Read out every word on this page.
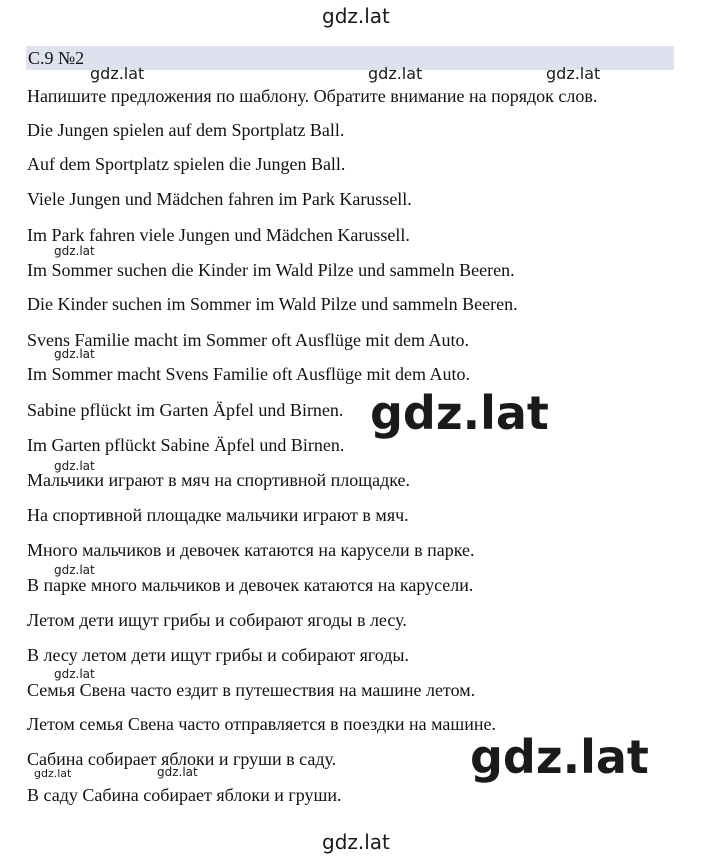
gdz.lat
С.9 №2
gdz.lat	gdz.lat	gdz.lat
Напишите предложения по шаблону. Обратите внимание на порядок слов.
Die Jungen spielen auf dem Sportplatz Ball.
Auf dem Sportplatz spielen die Jungen Ball.
Viele Jungen und Mädchen fahren im Park Karussell.
Im Park fahren viele Jungen und Mädchen Karussell.
Im Sommer suchen die Kinder im Wald Pilze und sammeln Beeren.
Die Kinder suchen im Sommer im Wald Pilze und sammeln Beeren.
Svens Familie macht im Sommer oft Ausflüge mit dem Auto.
Im Sommer macht Svens Familie oft Ausflüge mit dem Auto.
Sabine pflückt im Garten Äpfel und Birnen.
Im Garten pflückt Sabine Äpfel und Birnen.
Мальчики играют в мяч на спортивной площадке.
На спортивной площадке мальчики играют в мяч.
Много мальчиков и девочек катаются на карусели в парке.
В парке много мальчиков и девочек катаются на карусели.
Летом дети ищут грибы и собирают ягоды в лесу.
В лесу летом дети ищут грибы и собирают ягоды.
Семья Свена часто ездит в путешествия на машине летом.
Летом семья Свена часто отправляется в поездки на машине.
Сабина собирает яблоки и груши в саду.
В саду Сабина собирает яблоки и груши.
gdz.lat
gdz.lat
gdz.lat
gdz.lat
gdz.lat
gdz.lat	gdz.lat
gdz.lat
gdz.lat
gdz.lat
